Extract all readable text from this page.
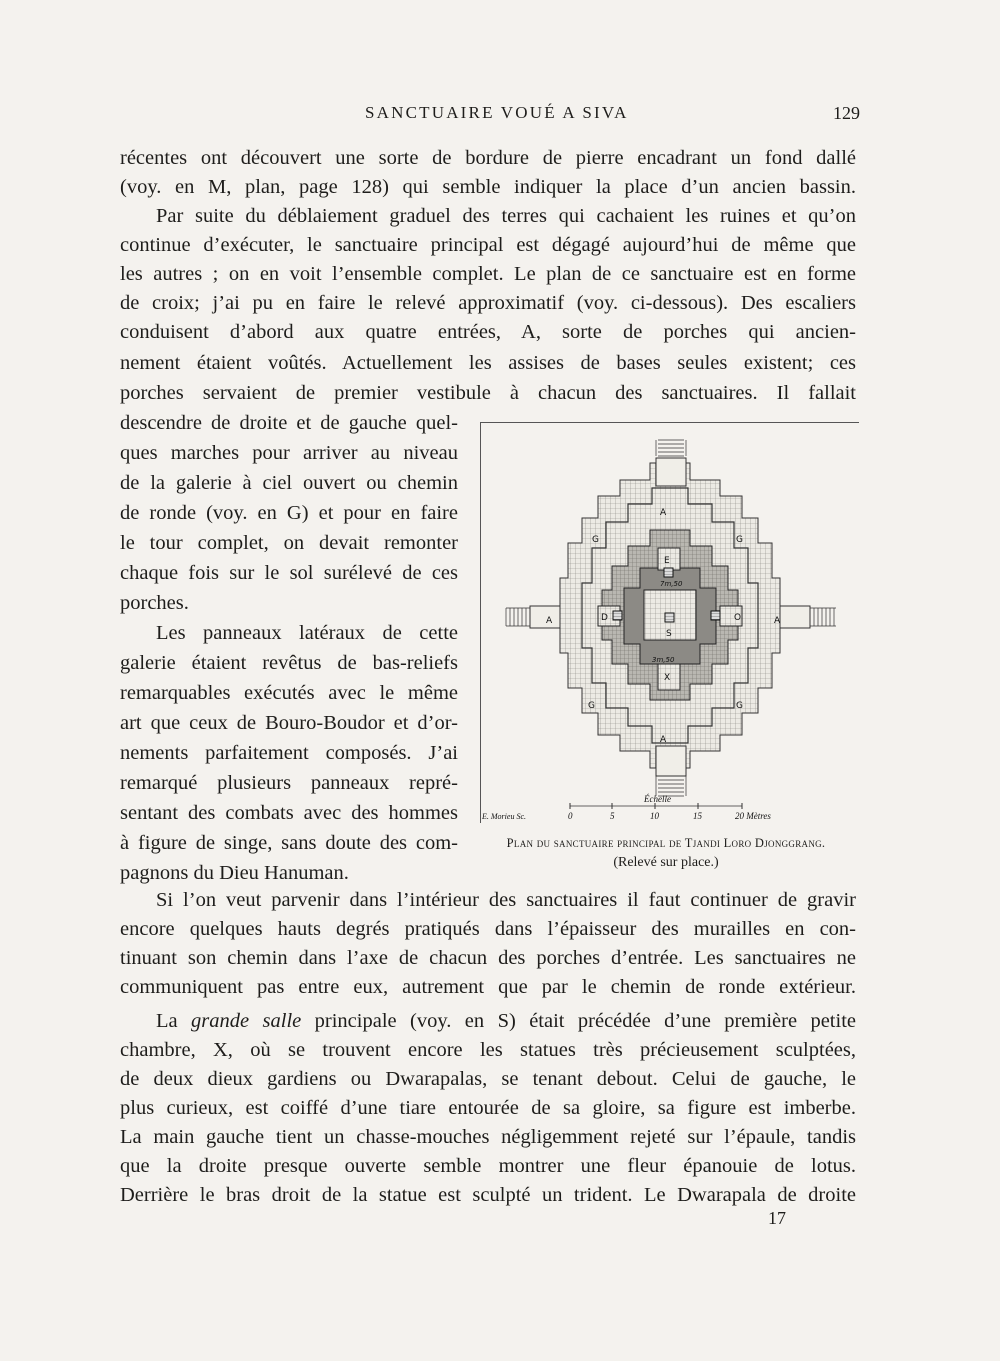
SANCTUAIRE VOUÉ A SIVA	129
récentes ont découvert une sorte de bordure de pierre encadrant un fond dallé
(voy. en M, plan, page 128) qui semble indiquer la place d’un ancien bassin.
Par suite du déblaiement graduel des terres qui cachaient les ruines et qu’on
continue d’exécuter, le sanctuaire principal est dégagé aujourd’hui de même que
les autres ; on en voit l’ensemble complet. Le plan de ce sanctuaire est en forme
de croix; j’ai pu en faire le relevé approximatif (voy. ci-dessous). Des escaliers
conduisent d’abord aux quatre entrées, A, sorte de porches qui ancien-
nement étaient voûtés. Actuellement les assises de bases seules existent; ces
porches servaient de premier vestibule à chacun des sanctuaires. Il fallait
descendre de droite et de gauche quel-
ques marches pour arriver au niveau
de la galerie à ciel ouvert ou chemin
de ronde (voy. en G) et pour en faire
le tour complet, on devait remonter
chaque fois sur le sol surélevé de ces
porches.
Les panneaux latéraux de cette
galerie étaient revêtus de bas-reliefs
remarquables exécutés avec le même
art que ceux de Bouro-Boudor et d’or-
nements parfaitement composés. J’ai
remarqué plusieurs panneaux repré-
sentant des combats avec des hommes
à figure de singe, sans doute des com-
pagnons du Dieu Hanuman.
Si l’on veut parvenir dans l’intérieur des sanctuaires il faut continuer de gravir
encore quelques hauts degrés pratiqués dans l’épaisseur des murailles en con-
tinuant son chemin dans l’axe de chacun des porches d’entrée. Les sanctuaires ne
communiquent pas entre eux, autrement que par le chemin de ronde extérieur.
La grande salle principale (voy. en S) était précédée d’une première petite
chambre, X, où se trouvent encore les statues très précieusement sculptées,
de deux dieux gardiens ou Dwarapalas, se tenant debout. Celui de gauche, le
plus curieux, est coiffé d’une tiare entourée de sa gloire, sa figure est imberbe.
La main gauche tient un chasse-mouches négligemment rejeté sur l’épaule, tandis
que la droite presque ouverte semble montrer une fleur épanouie de lotus.
Derrière le bras droit de la statue est sculpté un trident. Le Dwarapala de droite
17
A
A
A	A
G	G
G	G
E
D	O
S
X
7m,50
3m,50
Échelle
0	5	10	15	20 Mètres
E. Morieu Sc.
Plan du sanctuaire principal de Tjandi Loro Djonggrang.
(Relevé sur place.)
